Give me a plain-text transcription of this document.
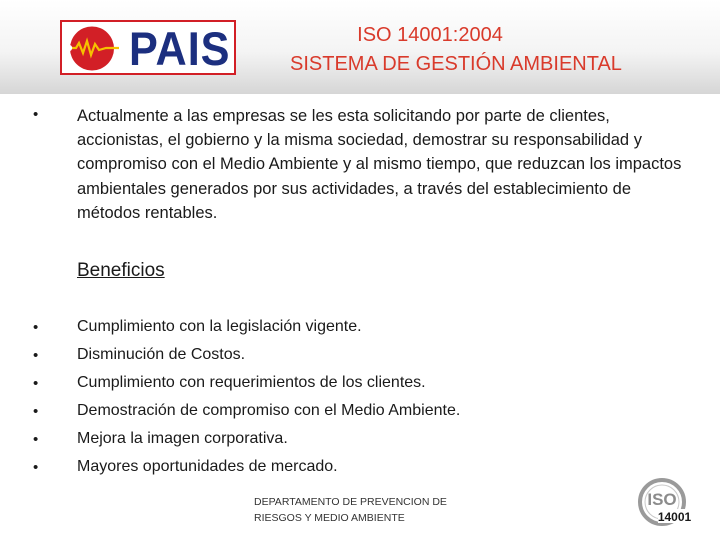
PAIS	ISO 14001:2004
SISTEMA DE GESTIÓN AMBIENTAL
• Actualmente a las empresas se les esta solicitando por parte de clientes, accionistas, el gobierno y la misma sociedad, demostrar su responsabilidad y compromiso con el Medio Ambiente y al mismo tiempo, que reduzcan los impactos ambientales generados por sus actividades, a través del establecimiento de métodos rentables.
Beneficios
• Cumplimiento con la legislación vigente.
• Disminución de Costos.
• Cumplimiento con requerimientos de los clientes.
• Demostración de compromiso con el Medio Ambiente.
• Mejora la imagen corporativa.
• Mayores oportunidades de mercado.
DEPARTAMENTO DE PREVENCION DE
RIESGOS Y MEDIO AMBIENTE
ISO
14001
